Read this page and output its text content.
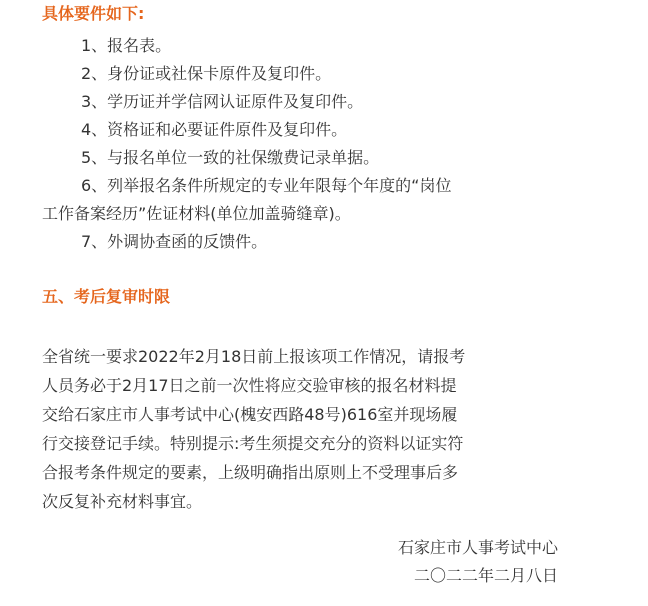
具体要件如下:
1、报名表。
2、身份证或社保卡原件及复印件。
3、学历证并学信网认证原件及复印件。
4、资格证和必要证件原件及复印件。
5、与报名单位一致的社保缴费记录单据。
6、列举报名条件所规定的专业年限每个年度的“岗位
工作备案经历”佐证材料(单位加盖骑缝章)。
7、外调协查函的反馈件。
五、考后复审时限
全省统一要求2022年2月18日前上报该项工作情况，请报考
人员务必于2月17日之前一次性将应交验审核的报名材料提
交给石家庄市人事考试中心(槐安西路48号)616室并现场履
行交接登记手续。特别提示:考生须提交充分的资料以证实符
合报考条件规定的要素，上级明确指出原则上不受理事后多
次反复补充材料事宜。
石家庄市人事考试中心
二〇二二年二月八日
